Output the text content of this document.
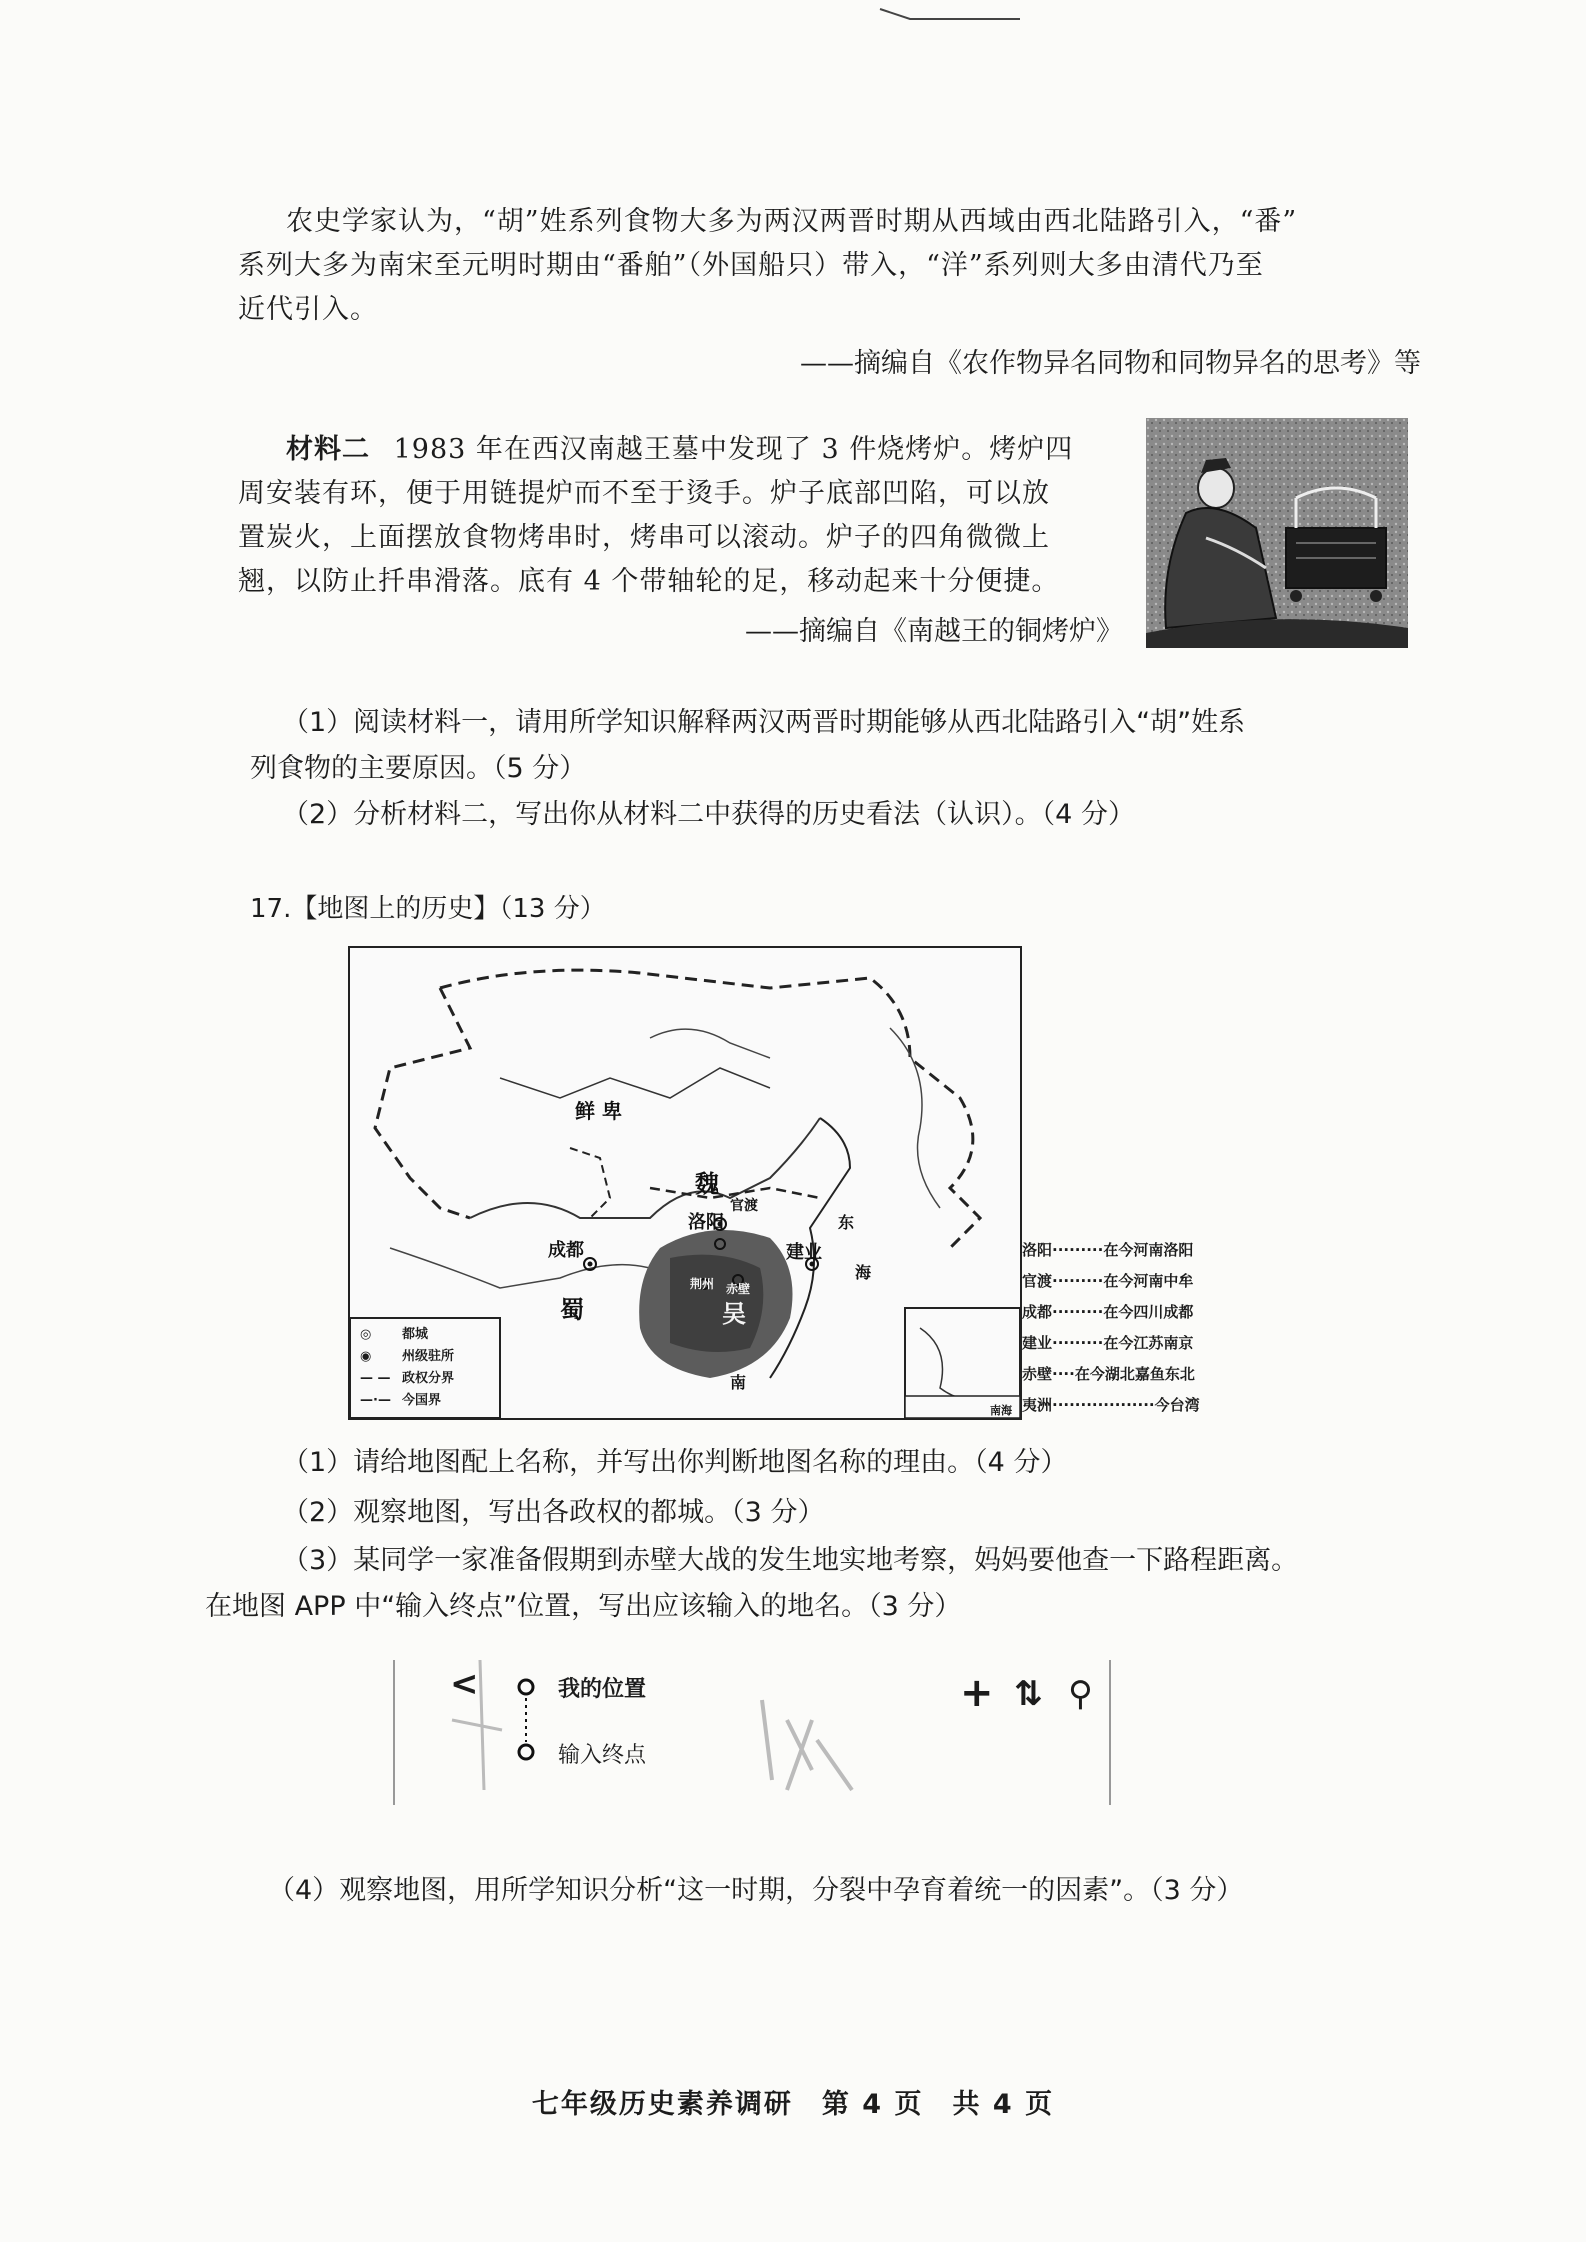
农史学家认为，“胡”姓系列食物大多为两汉两晋时期从西域由西北陆路引入，“番”
系列大多为南宋至元明时期由“番舶”（外国船只）带入，“洋”系列则大多由清代乃至
近代引入。
——摘编自《农作物异名同物和同物异名的思考》等
材料二 1983 年在西汉南越王墓中发现了 3 件烧烤炉。烤炉四
周安装有环，便于用链提炉而不至于烫手。炉子底部凹陷，可以放
置炭火，上面摆放食物烤串时，烤串可以滚动。炉子的四角微微上
翘，以防止扦串滑落。底有 4 个带轴轮的足，移动起来十分便捷。
——摘编自《南越王的铜烤炉》
（1）阅读材料一，请用所学知识解释两汉两晋时期能够从西北陆路引入“胡”姓系
列食物的主要原因。（5 分）
（2）分析材料二，写出你从材料二中获得的历史看法（认识）。（4 分）
17.【地图上的历史】（13 分）
鲜 卑
魏
官渡
洛阳
成都
蜀	吴
建业
赤壁
荆州
东
海
南
南海
◎ 都城
◉ 州级驻所
— — 政权分界
—·— 今国界
洛阳·········在今河南洛阳
官渡·········在今河南中牟
成都·········在今四川成都
建业·········在今江苏南京
赤壁····在今湖北嘉鱼东北
夷洲··················今台湾
（1）请给地图配上名称，并写出你判断地图名称的理由。（4 分）
（2）观察地图，写出各政权的都城。（3 分）
（3）某同学一家准备假期到赤壁大战的发生地实地考察，妈妈要他查一下路程距离。
在地图 APP 中“输入终点”位置，写出应该输入的地名。（3 分）
<	我的位置
输入终点
+ ⇅ ⚲
（4）观察地图，用所学知识分析“这一时期，分裂中孕育着统一的因素”。（3 分）
七年级历史素养调研　第 4 页　共 4 页
